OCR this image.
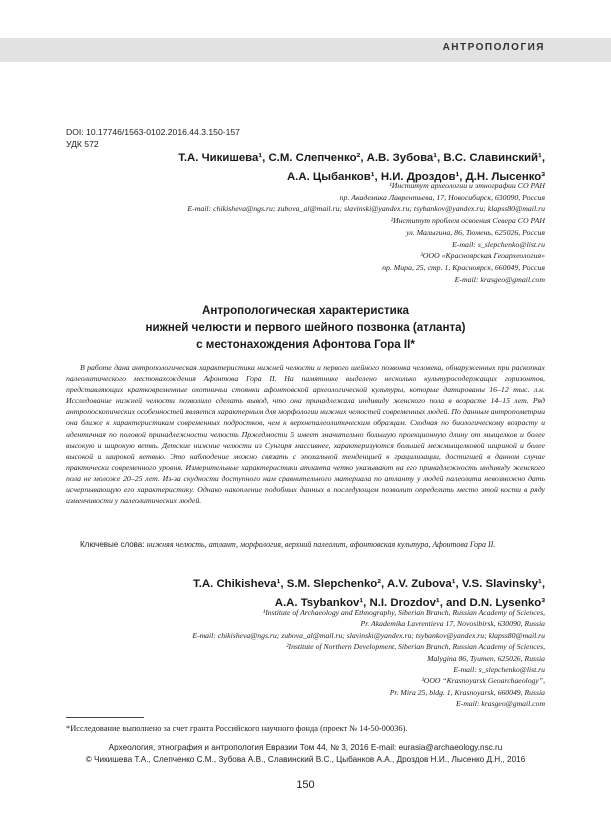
АНТРОПОЛОГИЯ
DOI: 10.17746/1563-0102.2016.44.3.150-157
УДК 572
Т.А. Чикишева¹, С.М. Слепченко², А.В. Зубова¹, В.С. Славинский¹,
А.А. Цыбанков¹, Н.И. Дроздов¹, Д.Н. Лысенко³
¹Институт археологии и этнографии СО РАН
пр. Академика Лаврентьева, 17, Новосибирск, 630090, Россия
E-mail: chikisheva@ngs.ru; zubova_al@mail.ru; slavinski@yandex.ru; tsybankov@yandex.ru; klapss80@mail.ru
²Институт проблем освоения Севера СО РАН
ул. Малыгина, 86, Тюмень, 625026, Россия
E-mail: s_slepchenko@list.ru
³ООО «Красноярская Геоархеология»
пр. Мира, 25, стр. 1, Красноярск, 660049, Россия
E-mail: krasgeo@gmail.com
Антропологическая характеристика
нижней челюсти и первого шейного позвонка (атланта)
с местонахождения Афонтова Гора II*

В работе дана антропологическая характеристика нижней челюсти и первого шейного позвонка человека, обнаруженных при раскопках палеолитического местонахождения Афонтова Гора II. На памятнике выделено несколько культуросодержащих горизонтов, представляющих кратковременные охотничьи стоянки афонтовской археологической культуры, которые датированы 16–12 тыс. л.н. Исследование нижней челюсти позволило сделать вывод, что она принадлежала индивиду женского пола в возрасте 14–15 лет. Ряд антропоскопических особенностей является характерным для морфологии нижних челюстей современных людей. По данным антропометрии она ближе к характеристикам современных подростков, чем к верхнепалеолитическим образцам. Сходная по биологическому возрасту и идентичная по половой принадлежности челюсть Пржедмости 5 имеет значительно большую проекционную длину от мыщелков и более высокую и широкую ветвь. Детские нижние челюсти из Сунгиря массивнее, характеризуются большей межмыщелковой шириной и более высокой и широкой ветвью. Это наблюдение можно связать с эпохальной тенденцией к грацилизации, достигшей в данном случае практически современного уровня. Измерительные характеристики атланта четко указывают на его принадлежность индивиду женского пола не моложе 20–25 лет. Из-за скудности доступного нам сравнительного материала по атланту у людей палеолита невозможно дать исчерпывающую его характеристику. Однако накопление подобных данных в последующем позволит определить место этой кости в ряду изменчивости у палеолитических людей.

Ключевые слова: нижняя челюсть, атлант, морфология, верхний палеолит, афонтовская культура, Афонтова Гора II.
T.A. Chikisheva¹, S.M. Slepchenko², A.V. Zubova¹, V.S. Slavinsky¹,
A.A. Tsybankov¹, N.I. Drozdov¹, and D.N. Lysenko³
¹Institute of Archaeology and Ethnography, Siberian Branch, Russian Academy of Sciences,
Pr. Akademika Lavrentieva 17, Novosibirsk, 630090, Russia
E-mail: chikisheva@ngs.ru; zubova_al@mail.ru; slavinski@yandex.ru; tsybankov@yandex.ru; klapss80@mail.ru
²Institute of Northern Development, Siberian Branch, Russian Academy of Sciences,
Malygina 86, Tyumen, 625026, Russia
E-mail: s_slepchenko@list.ru
³OOO “Krasnoyarsk Geoarchaeology”,
Pr. Mira 25, bldg. 1, Krasnoyarsk, 660049, Russia
E-mail: krasgeo@gmail.com
*Исследование выполнено за счет гранта Российского научного фонда (проект № 14-50-00036).
Археология, этнография и антропология Евразии Том 44, № 3, 2016 E-mail: eurasia@archaeology.nsc.ru
© Чикишева Т.А., Слепченко С.М., Зубова А.В., Славинский В.С., Цыбанков А.А., Дроздов Н.И., Лысенко Д.Н., 2016
150
